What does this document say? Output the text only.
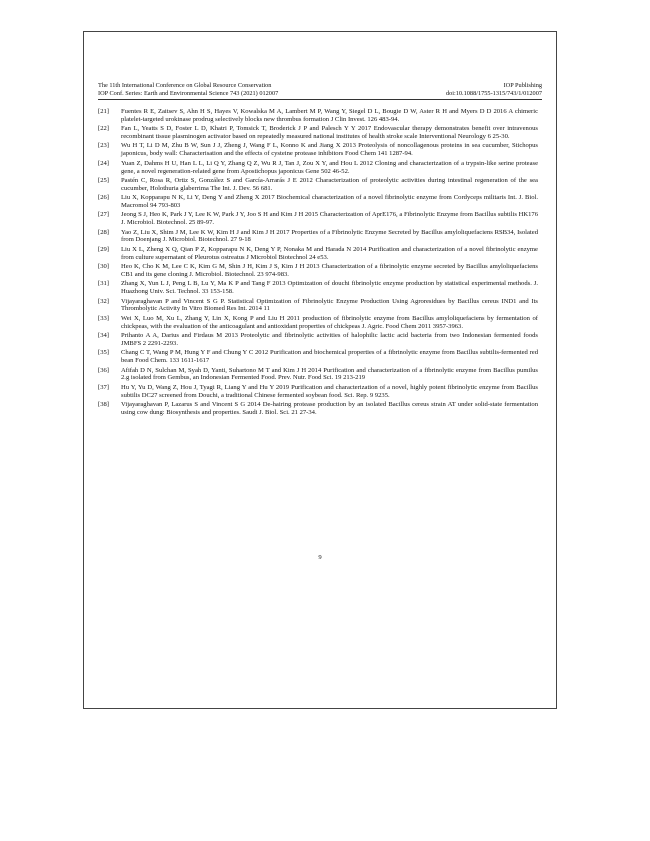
The 11th International Conference on Global Resource Conservation	IOP Publishing
IOP Conf. Series: Earth and Environmental Science 743 (2021) 012007	doi:10.1088/1755-1315/743/1/012007
[21]	Fuentes R E, Zaitsev S, Ahn H S, Hayes V, Kowalska M A, Lambert M P, Wang Y, Siegel D L, Bougie D W, Aster R H and Myers D D 2016 A chimeric platelet-targeted urokinase prodrug selectively blocks new thrombus formation J Clin Invest. 126 483-94.
[22]	Fan L, Yeatts S D, Foster L D, Khatri P, Tomsick T, Broderick J P and Palesch Y Y 2017 Endovascular therapy demonstrates benefit over intravenous recombinant tissue plasminogen activator based on repeatedly measured national institutes of health stroke scale Interventional Neurology 6 25-30.
[23]	Wu H T, Li D M, Zhu B W, Sun J J, Zheng J, Wang F L, Konno K and Jiang X 2013 Proteolysis of noncollagenous proteins in sea cucumber, Stichopus japonicus, body wall: Characterisation and the effects of cysteine protease inhibitors Food Chem 141 1287-94.
[24]	Yuan Z, Dahms H U, Han L L, Li Q Y, Zhang Q Z, Wu R J, Tan J, Zou X Y, and Hou L 2012 Cloning and characterization of a trypsin-like serine protease gene, a novel regeneration-related gene from Apostichopus japonicus Gene 502 46-52.
[25]	Pastén C, Rosa R, Ortiz S, González S and García-Arrarás J E 2012 Characterization of proteolytic activities during intestinal regeneration of the sea cucumber, Holothuria glaberrima The Int. J. Dev. 56 681.
[26]	Liu X, Kopparapu N K, Li Y, Deng Y and Zheng X 2017 Biochemical characterization of a novel fibrinolytic enzyme from Cordyceps militaris Int. J. Biol. Macromol 94 793-803
[27]	Jeong S J, Heo K, Park J Y, Lee K W, Park J Y, Joo S H and Kim J H 2015 Characterization of AprE176, a Fibrinolytic Enzyme from Bacillus subtilis HK176 J. Microbiol. Biotechnol. 25 89-97.
[28]	Yao Z, Liu X, Shim J M, Lee K W, Kim H J and Kim J H 2017 Properties of a Fibrinolytic Enzyme Secreted by Bacillus amyloliquefaciens RSB34, Isolated from Doenjang J. Microbiol. Biotechnol. 27 9-18
[29]	Liu X L, Zheng X Q, Qian P Z, Kopparapu N K, Deng Y P, Nonaka M and Harada N 2014 Purification and characterization of a novel fibrinolytic enzyme from culture supernatant of Pleurotus ostreatus J Microbiol Biotechnol 24 e53.
[30]	Heo K, Cho K M, Lee C K, Kim G M, Shin J H, Kim J S, Kim J H 2013 Characterization of a fibrinolytic enzyme secreted by Bacillus amyloliquefaciens CB1 and its gene cloning J. Microbiol. Biotechnol. 23 974-983.
[31]	Zhang X, Yun L J, Peng L B, Lu Y, Ma K P and Tang F 2013 Optimization of douchi fibrinolytic enzyme production by statistical experimental methods. J. Huazhong Univ. Sci. Technol. 33 153-158.
[32]	Vijayaraghavan P and Vincent S G P. Statistical Optimization of Fibrinolytic Enzyme Production Using Agroresidues by Bacillus cereus IND1 and Its Thrombolytic Activity In Vitro Biomed Res Int. 2014 11
[33]	Wei X, Luo M, Xu L, Zhang Y, Lin X, Kong P and Liu H 2011 production of fibrinolytic enzyme from Bacillus amyloliquefaciens by fermentation of chickpeas, with the evaluation of the anticoagulant and antioxidant properties of chickpeas J. Agric. Food Chem 2011 3957-3963.
[34]	Prihanto A A, Darius and Firdaus M 2013 Proteolytic and fibrinolytic activities of halophilic lactic acid bacteria from two Indonesian fermented foods JMBFS 2 2291-2293.
[35]	Chang C T, Wang P M, Hung Y F and Chung Y C 2012 Purification and biochemical properties of a fibrinolytic enzyme from Bacillus subtilis-fermented red bean Food Chem. 133 1611-1617
[36]	Afifah D N, Sulchan M, Syah D, Yanti, Suhartono M T and Kim J H 2014 Purification and characterization of a fibrinolytic enzyme from Bacillus pumilus 2.g isolated from Gembus, an Indonesian Fermented Food. Prev. Nutr. Food Sci. 19 213-219
[37]	Hu Y, Yu D, Wang Z, Hou J, Tyagi R, Liang Y and Hu Y 2019 Purification and characterization of a novel, highly potent fibrinolytic enzyme from Bacillus subtilis DC27 screened from Douchi, a traditional Chinese fermented soybean food. Sci. Rep. 9 9235.
[38]	Vijayaraghavan P, Lazarus S and Vincent S G 2014 De-hairing protease production by an isolated Bacillus cereus strain AT under solid-state fermentation using cow dung: Biosynthesis and properties. Saudi J. Biol. Sci. 21 27-34.
9
